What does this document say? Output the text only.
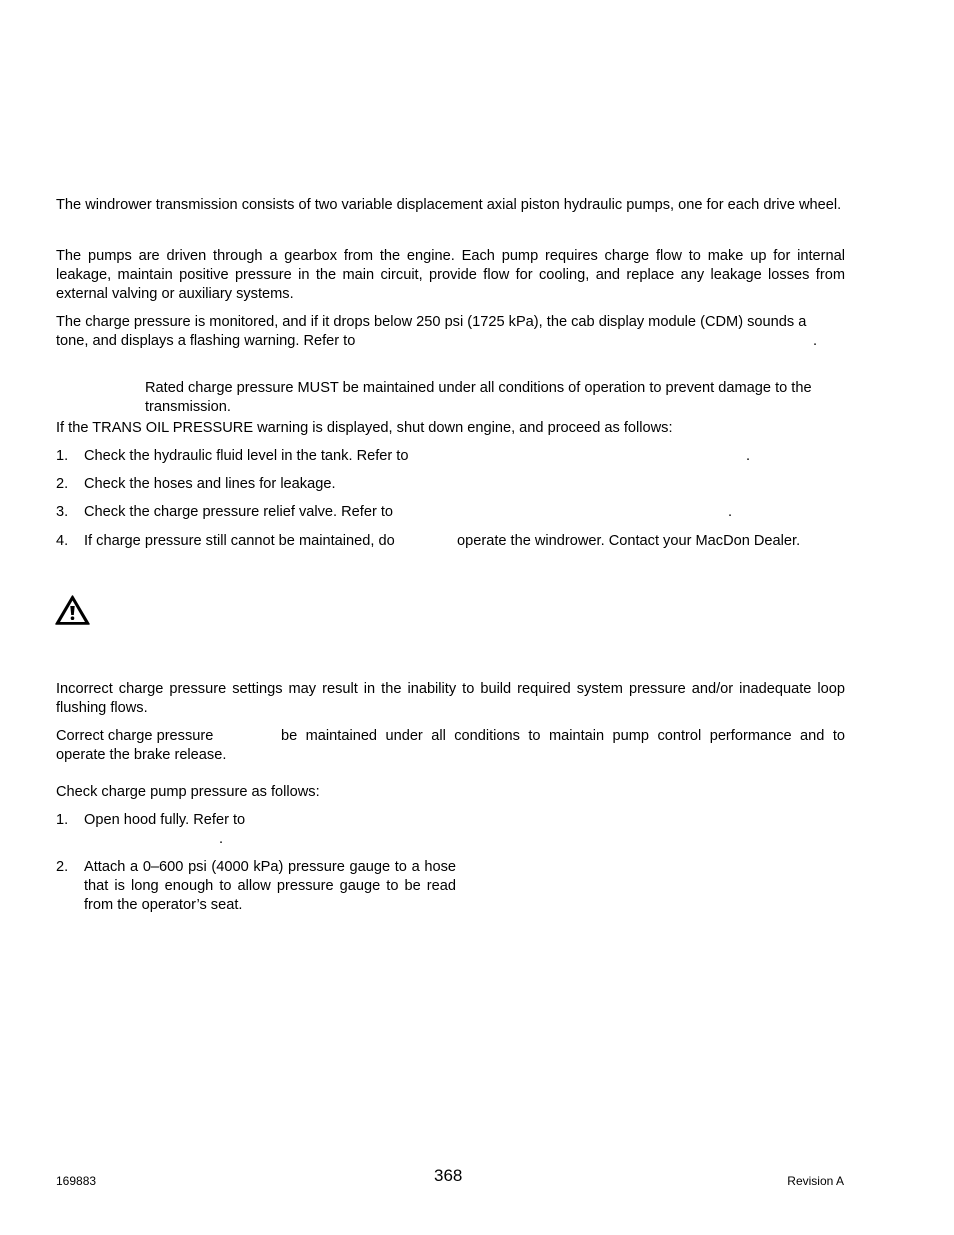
The windrower transmission consists of two variable displacement axial piston hydraulic pumps, one for each drive wheel.

The pumps are driven through a gearbox from the engine. Each pump requires charge flow to make up for internal leakage, maintain positive pressure in the main circuit, provide flow for cooling, and replace any leakage losses from external valving or auxiliary systems.

The charge pressure is monitored, and if it drops below 250 psi (1725 kPa), the cab display module (CDM) sounds a tone, and displays a flashing warning. Refer to	.

Rated charge pressure MUST be maintained under all conditions of operation to prevent damage to the transmission.

If the TRANS OIL PRESSURE warning is displayed, shut down engine, and proceed as follows:

1. Check the hydraulic fluid level in the tank. Refer to	.
2. Check the hoses and lines for leakage.
3. Check the charge pressure relief valve. Refer to	.
4. If charge pressure still cannot be maintained, do	operate the windrower. Contact your MacDon Dealer.

Incorrect charge pressure settings may result in the inability to build required system pressure and/or inadequate loop flushing flows.

Correct charge pressure	be maintained under all conditions to maintain pump control performance and to operate the brake release.

Check charge pump pressure as follows:

1. Open hood fully. Refer to
.
2. Attach a 0–600 psi (4000 kPa) pressure gauge to a hose that is long enough to allow pressure gauge to be read from the operator’s seat.

169883	368	Revision A
